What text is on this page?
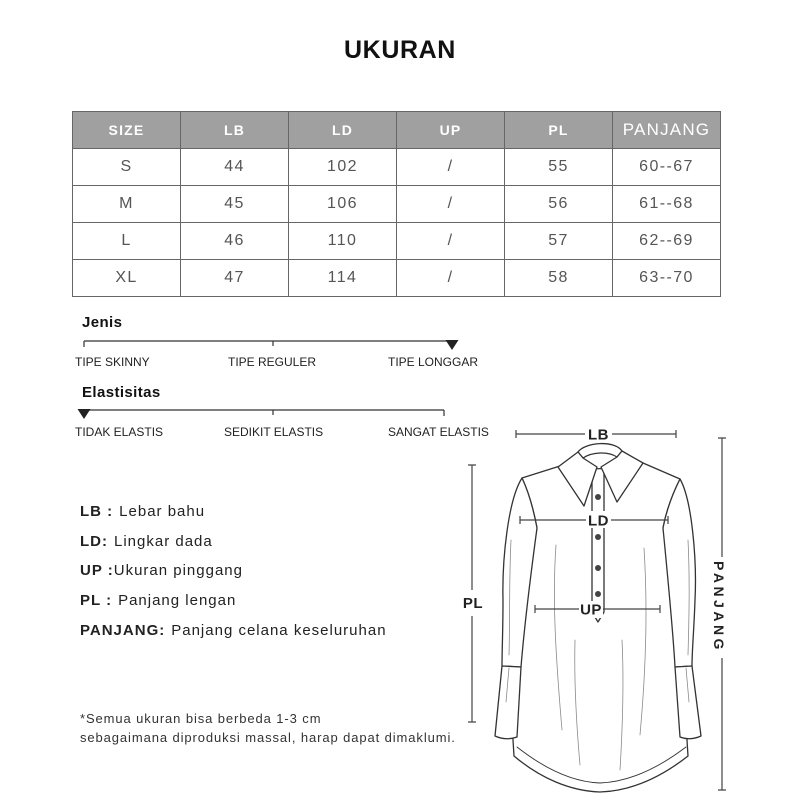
UKURAN
SIZE	LB	LD	UP	PL	PANJANG
S	44	102	/	55	60--67
M	45	106	/	56	61--68
L	46	110	/	57	62--69
XL	47	114	/	58	63--70
Jenis
TIPE SKINNY	TIPE REGULER	TIPE LONGGAR
Elastisitas
TIDAK ELASTIS	SEDIKIT ELASTIS	SANGAT ELASTIS
LB : Lebar bahu
LD: Lingkar dada
UP :Ukuran pinggang
PL : Panjang lengan
PANJANG: Panjang celana keseluruhan
*Semua ukuran bisa berbeda 1-3 cm
sebagaimana diproduksi massal, harap dapat dimaklumi.
LB
LD
UP
PL	PANJANG
